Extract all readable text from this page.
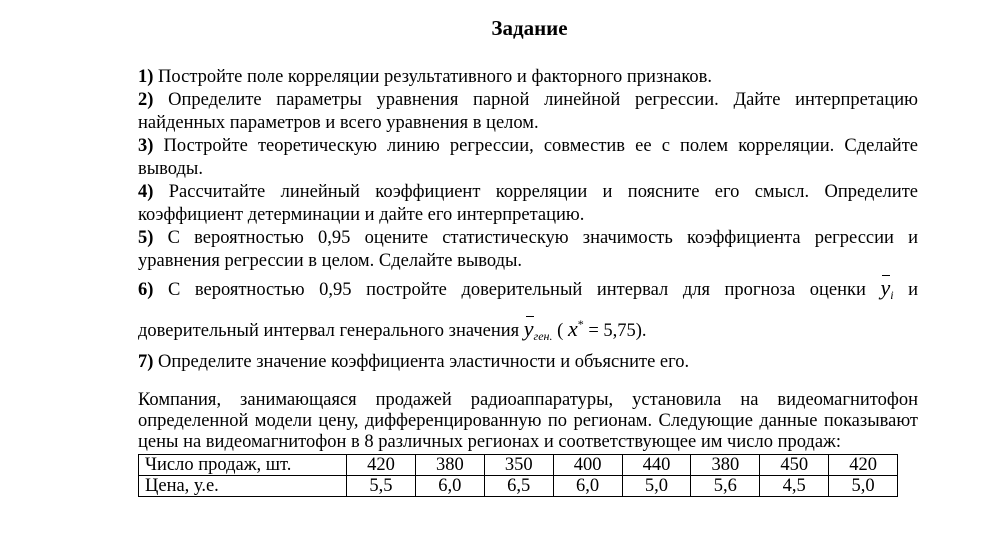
Задание
1) Постройте поле корреляции результативного и факторного признаков.
2) Определите параметры уравнения парной линейной регрессии. Дайте интерпретацию найденных параметров и всего уравнения в целом.
3) Постройте теоретическую линию регрессии, совместив ее с полем корреляции. Сделайте выводы.
4) Рассчитайте линейный коэффициент корреляции и поясните его смысл. Определите коэффициент детерминации и дайте его интерпретацию.
5) С вероятностью 0,95 оцените статистическую значимость коэффициента регрессии и уравнения регрессии в целом. Сделайте выводы.
6) С вероятностью 0,95 постройте доверительный интервал для прогноза оценки $y_i$ и
доверительный интервал генерального значения $y_{ген.}$ ( x* = 5,75).
7) Определите значение коэффициента эластичности и объясните его.
Компания, занимающаяся продажей радиоаппаратуры, установила на видеомагнитофон определенной модели цену, дифференцированную по регионам. Следующие данные показывают цены на видеомагнитофон в 8 различных регионах и соответствующее им число продаж:
Число продаж, шт.	420	380	350	400	440	380	450	420
Цена, у.е.	5,5	6,0	6,5	6,0	5,0	5,6	4,5	5,0
